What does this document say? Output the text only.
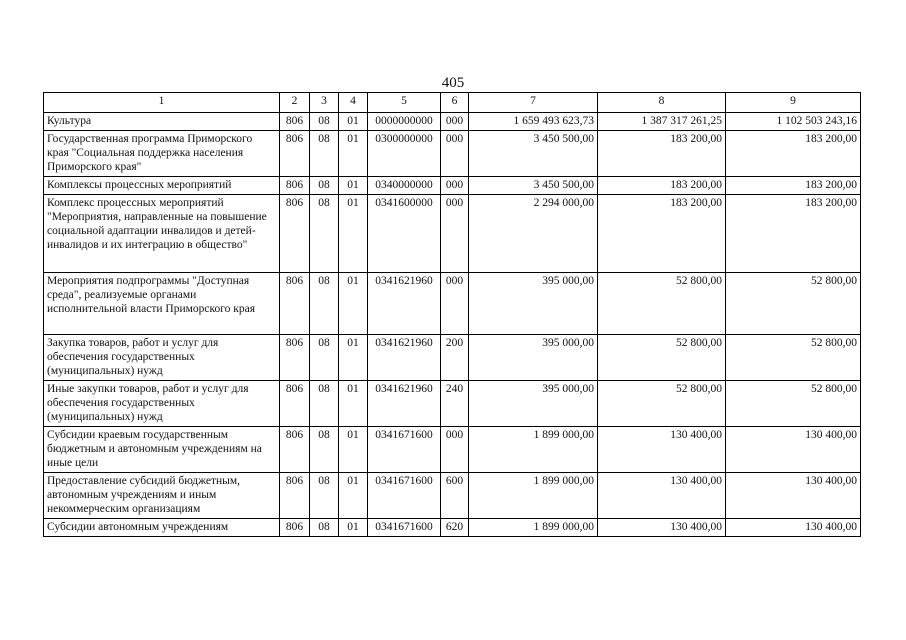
405
1	2	3	4	5	6	7	8	9
Культура	806	08	01	0000000000	000	1 659 493 623,73	1 387 317 261,25	1 102 503 243,16
Государственная программа Приморского края "Социальная поддержка населения Приморского края"	806	08	01	0300000000	000	3 450 500,00	183 200,00	183 200,00
Комплексы процессных мероприятий	806	08	01	0340000000	000	3 450 500,00	183 200,00	183 200,00
Комплекс процессных мероприятий "Мероприятия, направленные на повышение социальной адаптации инвалидов и детей-инвалидов и их интеграцию в общество"	806	08	01	0341600000	000	2 294 000,00	183 200,00	183 200,00
Мероприятия подпрограммы "Доступная среда", реализуемые органами исполнительной власти Приморского края	806	08	01	0341621960	000	395 000,00	52 800,00	52 800,00
Закупка товаров, работ и услуг для обеспечения государственных (муниципальных) нужд	806	08	01	0341621960	200	395 000,00	52 800,00	52 800,00
Иные закупки товаров, работ и услуг для обеспечения государственных (муниципальных) нужд	806	08	01	0341621960	240	395 000,00	52 800,00	52 800,00
Субсидии краевым государственным бюджетным и автономным учреждениям на иные цели	806	08	01	0341671600	000	1 899 000,00	130 400,00	130 400,00
Предоставление субсидий бюджетным, автономным учреждениям и иным некоммерческим организациям	806	08	01	0341671600	600	1 899 000,00	130 400,00	130 400,00
Субсидии автономным учреждениям	806	08	01	0341671600	620	1 899 000,00	130 400,00	130 400,00
